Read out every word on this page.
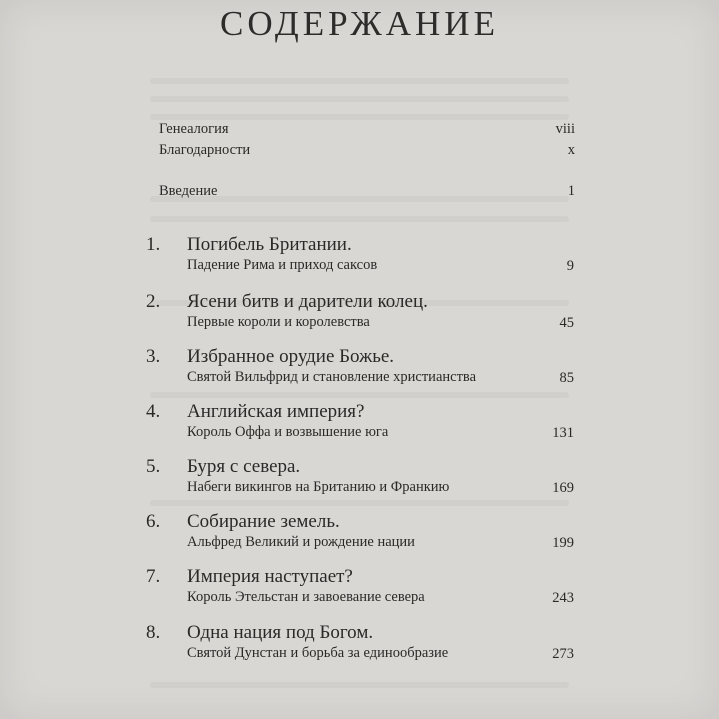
СОДЕРЖАНИЕ
Генеалогия	viii
Благодарности	x
Введение	1
1. Погибель Британии.
Падение Рима и приход саксов	9
2. Ясени битв и дарители колец.
Первые короли и королевства	45
3. Избранное орудие Божье.
Святой Вильфрид и становление христианства	85
4. Английская империя?
Король Оффа и возвышение юга	131
5. Буря с севера.
Набеги викингов на Британию и Франкию	169
6. Собирание земель.
Альфред Великий и рождение нации	199
7. Империя наступает?
Король Этельстан и завоевание севера	243
8. Одна нация под Богом.
Святой Дунстан и борьба за единообразие	273
